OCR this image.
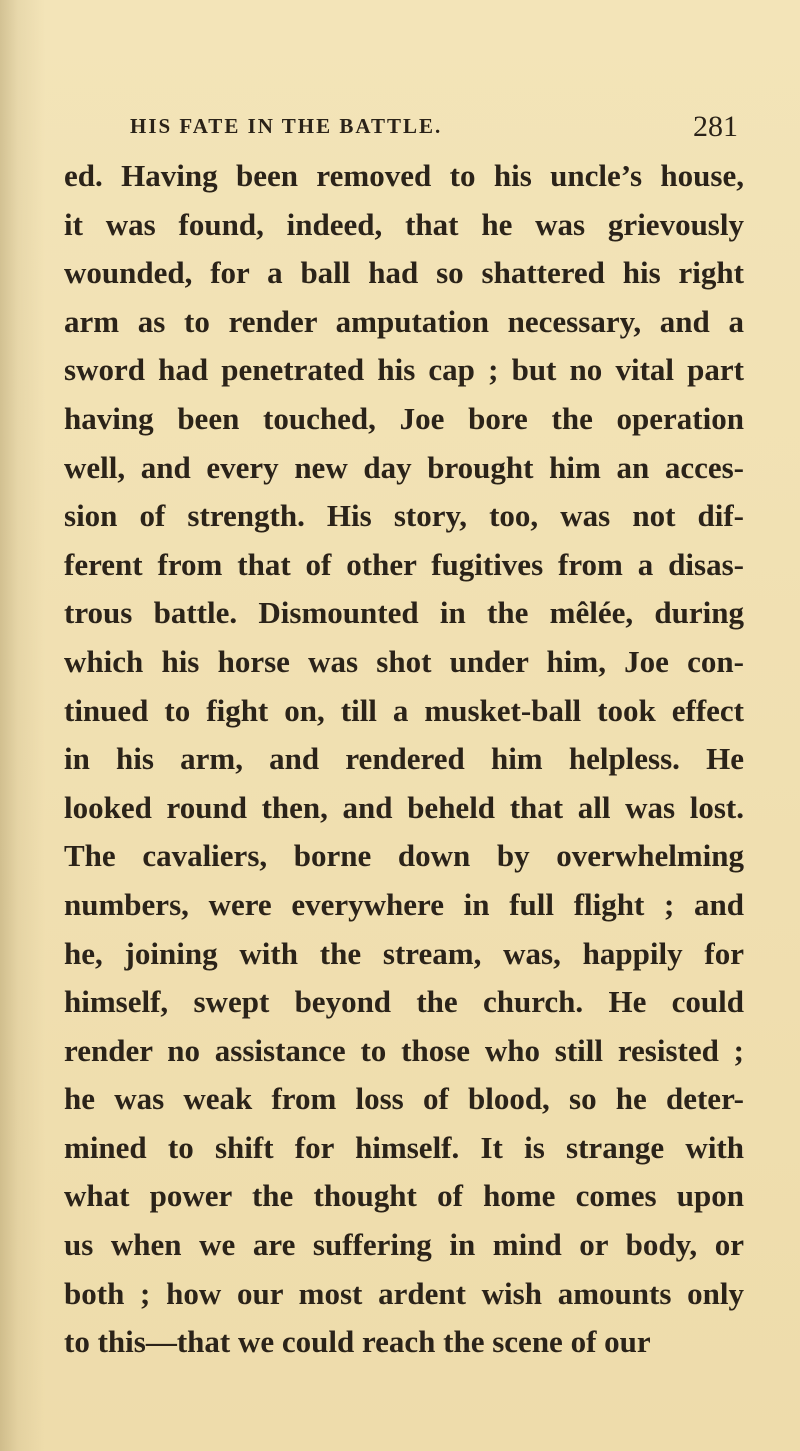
HIS FATE IN THE BATTLE.	281
ed. Having been removed to his uncle’s house,
it was found, indeed, that he was grievously
wounded, for a ball had so shattered his right
arm as to render amputation necessary, and a
sword had penetrated his cap ; but no vital part
having been touched, Joe bore the operation
well, and every new day brought him an acces-
sion of strength. His story, too, was not dif-
ferent from that of other fugitives from a disas-
trous battle. Dismounted in the mêlée, during
which his horse was shot under him, Joe con-
tinued to fight on, till a musket-ball took effect
in his arm, and rendered him helpless. He
looked round then, and beheld that all was lost.
The cavaliers, borne down by overwhelming
numbers, were everywhere in full flight ; and
he, joining with the stream, was, happily for
himself, swept beyond the church. He could
render no assistance to those who still resisted ;
he was weak from loss of blood, so he deter-
mined to shift for himself. It is strange with
what power the thought of home comes upon
us when we are suffering in mind or body, or
both ; how our most ardent wish amounts only
to this—that we could reach the scene of our
